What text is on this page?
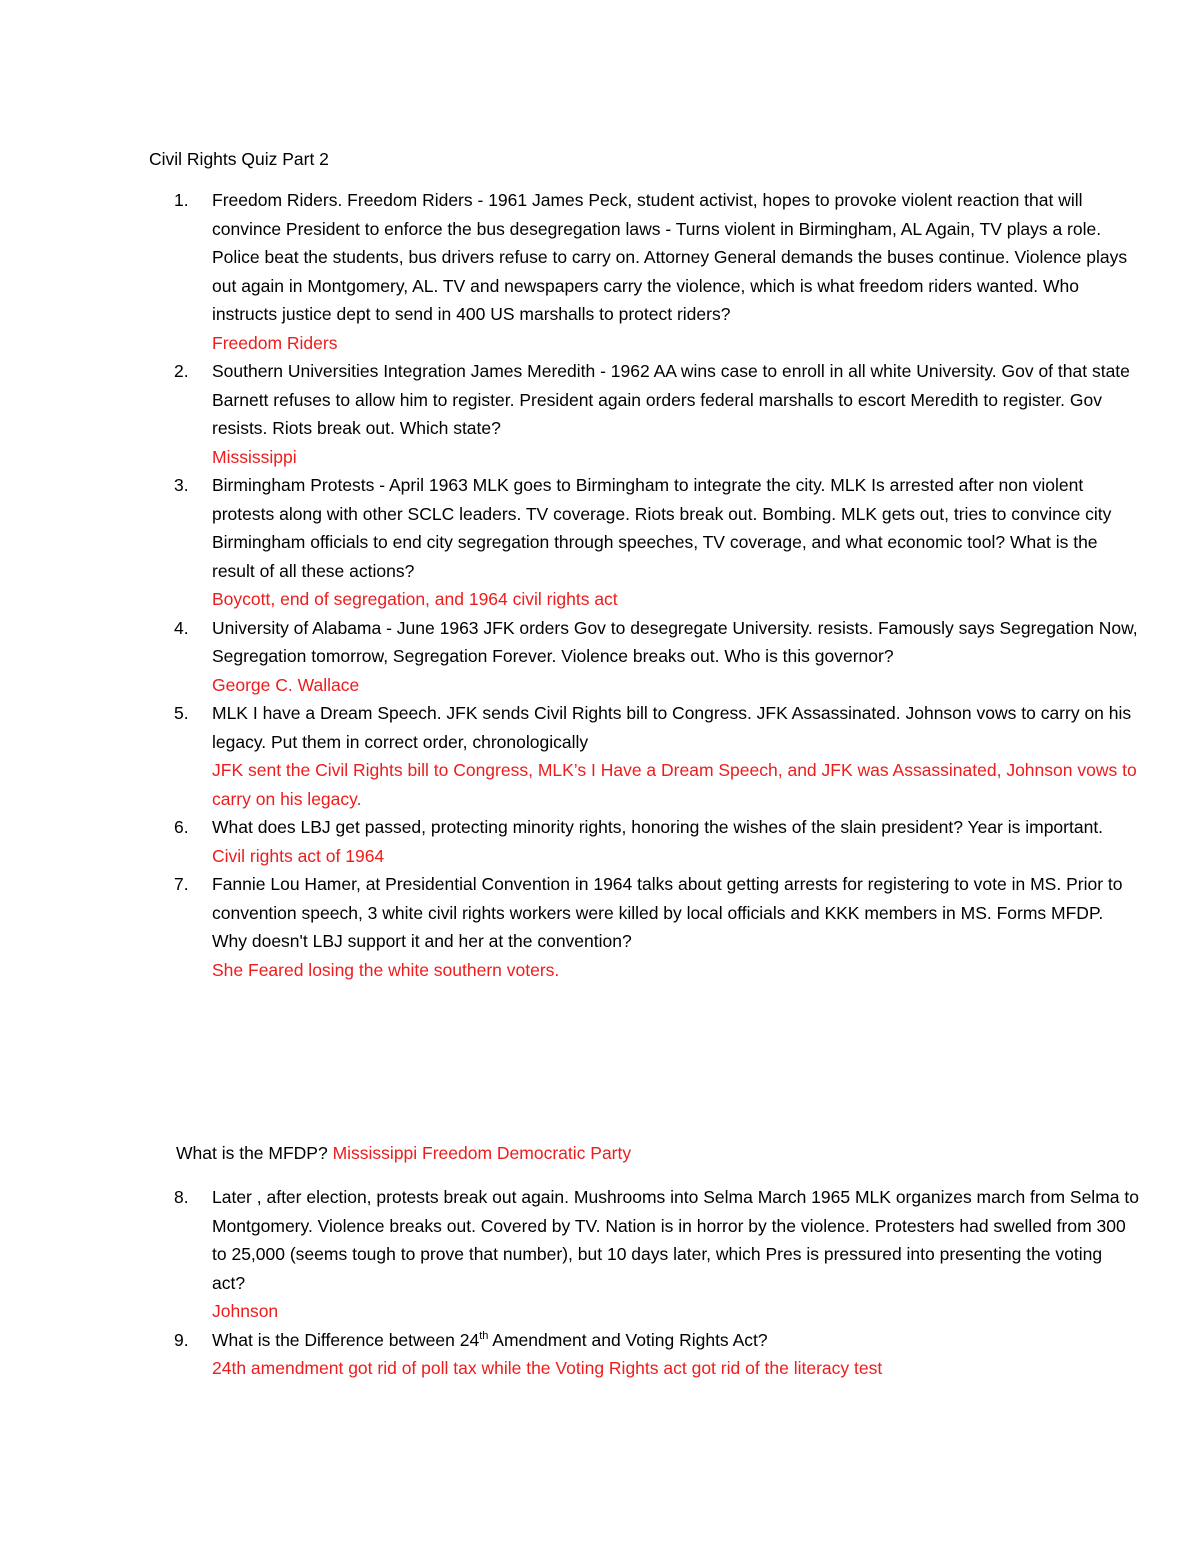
Civil Rights Quiz Part 2
1.	Freedom Riders. Freedom Riders - 1961 James Peck, student activist, hopes to provoke violent reaction that will convince President to enforce the bus desegregation laws - Turns violent in Birmingham, AL Again, TV plays a role. Police beat the students, bus drivers refuse to carry on. Attorney General demands the buses continue. Violence plays out again in Montgomery, AL. TV and newspapers carry the violence, which is what freedom riders wanted. Who instructs justice dept to send in 400 US marshalls to protect riders?
Freedom Riders
2.	Southern Universities Integration James Meredith - 1962 AA wins case to enroll in all white University. Gov of that state Barnett refuses to allow him to register. President again orders federal marshalls to escort Meredith to register. Gov resists. Riots break out. Which state?
Mississippi
3.	Birmingham Protests - April 1963 MLK goes to Birmingham to integrate the city. MLK Is arrested after non violent protests along with other SCLC leaders. TV coverage. Riots break out. Bombing. MLK gets out, tries to convince city Birmingham officials to end city segregation through speeches, TV coverage, and what economic tool? What is the result of all these actions?
Boycott, end of segregation, and 1964 civil rights act
4.	University of Alabama - June 1963 JFK orders Gov to desegregate University. resists. Famously says Segregation Now, Segregation tomorrow, Segregation Forever. Violence breaks out. Who is this governor?
George C. Wallace
5.	MLK I have a Dream Speech. JFK sends Civil Rights bill to Congress. JFK Assassinated. Johnson vows to carry on his legacy. Put them in correct order, chronologically
JFK sent the Civil Rights bill to Congress, MLK’s I Have a Dream Speech, and JFK was Assassinated, Johnson vows to carry on his legacy.
6.	What does LBJ get passed, protecting minority rights, honoring the wishes of the slain president? Year is important.
Civil rights act of 1964
7.	Fannie Lou Hamer, at Presidential Convention in 1964 talks about getting arrests for registering to vote in MS. Prior to convention speech, 3 white civil rights workers were killed by local officials and KKK members in MS. Forms MFDP. Why doesn't LBJ support it and her at the convention?
She Feared losing the white southern voters.
What is the MFDP? Mississippi Freedom Democratic Party
8.	Later , after election, protests break out again. Mushrooms into Selma March 1965 MLK organizes march from Selma to Montgomery. Violence breaks out. Covered by TV. Nation is in horror by the violence. Protesters had swelled from 300 to 25,000 (seems tough to prove that number), but 10 days later, which Pres is pressured into presenting the voting act?
Johnson
9.	What is the Difference between 24th Amendment and Voting Rights Act?
24th amendment got rid of poll tax while the Voting Rights act got rid of the literacy test
